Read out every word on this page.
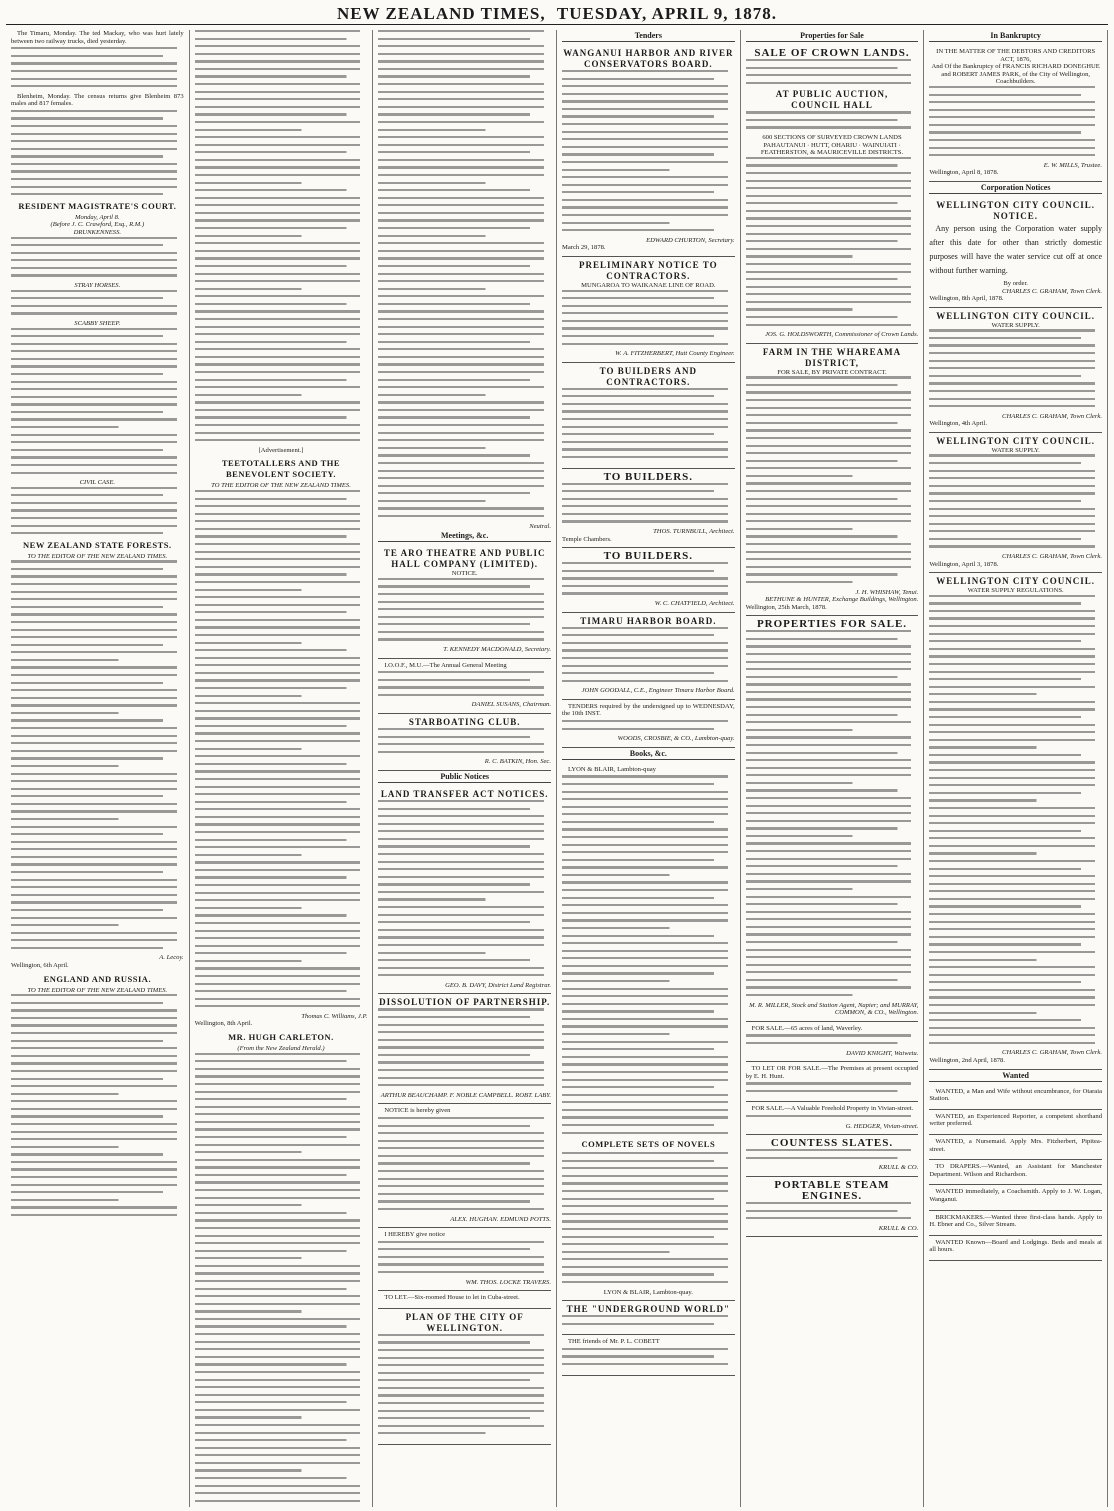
NEW ZEALAND TIMES, TUESDAY, APRIL 9, 1878.

The Timaru, Monday. The ted Mackay, who was hurt lately between two railway trucks, died yesterday.

Blenheim, Monday. The census returns give Blenheim 873 males and 817 females.

RESIDENT MAGISTRATE'S COURT.
Monday, April 8.
(Before J. C. Crawford, Esq., R.M.)
DRUNKENNESS.
STRAY HORSES.
SCABBY SHEEP.
CIVIL CASE.
NEW ZEALAND STATE FORESTS.
TO THE EDITOR OF THE NEW ZEALAND TIMES.
A. Lecoy.
Wellington, 6th April.
ENGLAND AND RUSSIA.
TO THE EDITOR OF THE NEW ZEALAND TIMES.
[Advertisement.]
TEETOTALLERS AND THE BENEVOLENT SOCIETY.
TO THE EDITOR OF THE NEW ZEALAND TIMES.
Thomas C. Williams, J.P.
Wellington, 8th April.
MR. HUGH CARLETON.
(From the New Zealand Herald.)
Neutral.
Meetings, &c.
TE ARO THEATRE AND PUBLIC HALL COMPANY (LIMITED).
NOTICE.
T. KENNEDY MACDONALD, Secretary.

I.O.O.F., M.U.—The Annual General Meeting

DANIEL SUSANS, Chairman.
STARBOATING CLUB.
R. C. BATKIN, Hon. Sec.
Public Notices
LAND TRANSFER ACT NOTICES.
GEO. B. DAVY, District Land Registrar.
DISSOLUTION OF PARTNERSHIP.
ARTHUR BEAUCHAMP. F. NOBLE CAMPBELL. ROBT. LABY.

NOTICE is hereby given

ALEX. HUGHAN. EDMUND POTTS.

I HEREBY give notice

WM. THOS. LOCKE TRAVERS.

TO LET.—Six-roomed House to let in Cuba-street.

PLAN OF THE CITY OF WELLINGTON.
Tenders
WANGANUI HARBOR AND RIVER CONSERVATORS BOARD.
EDWARD CHURTON, Secretary.
March 29, 1878.
PRELIMINARY NOTICE TO CONTRACTORS.
MUNGAROA TO WAIKANAE LINE OF ROAD.
W. A. FITZHERBERT, Hutt County Engineer.
TO BUILDERS AND CONTRACTORS.
TO BUILDERS.
THOS. TURNBULL, Architect.
Temple Chambers.
TO BUILDERS.
W. C. CHATFIELD, Architect.
TIMARU HARBOR BOARD.
JOHN GOODALL, C.E., Engineer Timaru Harbor Board.

TENDERS required by the undersigned up to WEDNESDAY, the 10th INST.

WOODS, CROSBIE, & CO., Lambton-quay.
Books, &c.

LYON & BLAIR, Lambton-quay

COMPLETE SETS OF NOVELS
LYON & BLAIR, Lambton-quay.
THE "UNDERGROUND WORLD"

THE friends of Mr. P. L. COBETT

Properties for Sale
SALE OF CROWN LANDS.
AT PUBLIC AUCTION,
COUNCIL HALL
600 SECTIONS OF SURVEYED CROWN LANDS
PAHAUTANUI · HUTT, OHARIU · WAINUIATI · FEATHERSTON, & MAURICEVILLE DISTRICTS.
JOS. G. HOLDSWORTH, Commissioner of Crown Lands.
FARM IN THE WHAREAMA DISTRICT,
FOR SALE, BY PRIVATE CONTRACT.
J. H. WHISHAW, Tenui.
BETHUNE & HUNTER, Exchange Buildings, Wellington.
Wellington, 25th March, 1878.
PROPERTIES FOR SALE.
M. R. MILLER, Stock and Station Agent, Napier; and MURRAY, COMMON, & CO., Wellington.

FOR SALE.—65 acres of land, Waverley.

DAVID KNIGHT, Waiwetu.

TO LET OR FOR SALE.—The Premises at present occupied by E. H. Hunt.

FOR SALE.—A Valuable Freehold Property in Vivian-street.

G. HEDGER, Vivian-street.
COUNTESS SLATES.
KRULL & CO.
PORTABLE STEAM ENGINES.
KRULL & CO.
In Bankruptcy
IN THE MATTER OF THE DEBTORS AND CREDITORS ACT, 1876,
And Of the Bankruptcy of FRANCIS RICHARD DONEGHUE and ROBERT JAMES PARK, of the City of Wellington, Coachbuilders.
E. W. MILLS, Trustee.
Wellington, April 8, 1878.
Corporation Notices
WELLINGTON CITY COUNCIL.
NOTICE.

Any person using the Corporation water supply after this date for other than strictly domestic purposes will have the water service cut off at once without further warning.

By order.
CHARLES C. GRAHAM, Town Clerk.
Wellington, 8th April, 1878.
WELLINGTON CITY COUNCIL.
WATER SUPPLY.
CHARLES C. GRAHAM, Town Clerk.
Wellington, 4th April.
WELLINGTON CITY COUNCIL.
WATER SUPPLY.
CHARLES C. GRAHAM, Town Clerk.
Wellington, April 3, 1878.
WELLINGTON CITY COUNCIL.
WATER SUPPLY REGULATIONS.
CHARLES C. GRAHAM, Town Clerk.
Wellington, 2nd April, 1878.
Wanted

WANTED, a Man and Wife without encumbrance, for Otaraia Station.

WANTED, an Experienced Reporter, a competent shorthand writer preferred.

WANTED, a Nursemaid. Apply Mrs. Fitzherbert, Pipitea-street.

TO DRAPERS.—Wanted, an Assistant for Manchester Department. Wilson and Richardson.

WANTED immediately, a Coachsmith. Apply to J. W. Logan, Wanganui.

BRICKMAKERS.—Wanted three first-class hands. Apply to H. Ebner and Co., Silver Stream.

WANTED Known—Board and Lodgings. Beds and meals at all hours.
